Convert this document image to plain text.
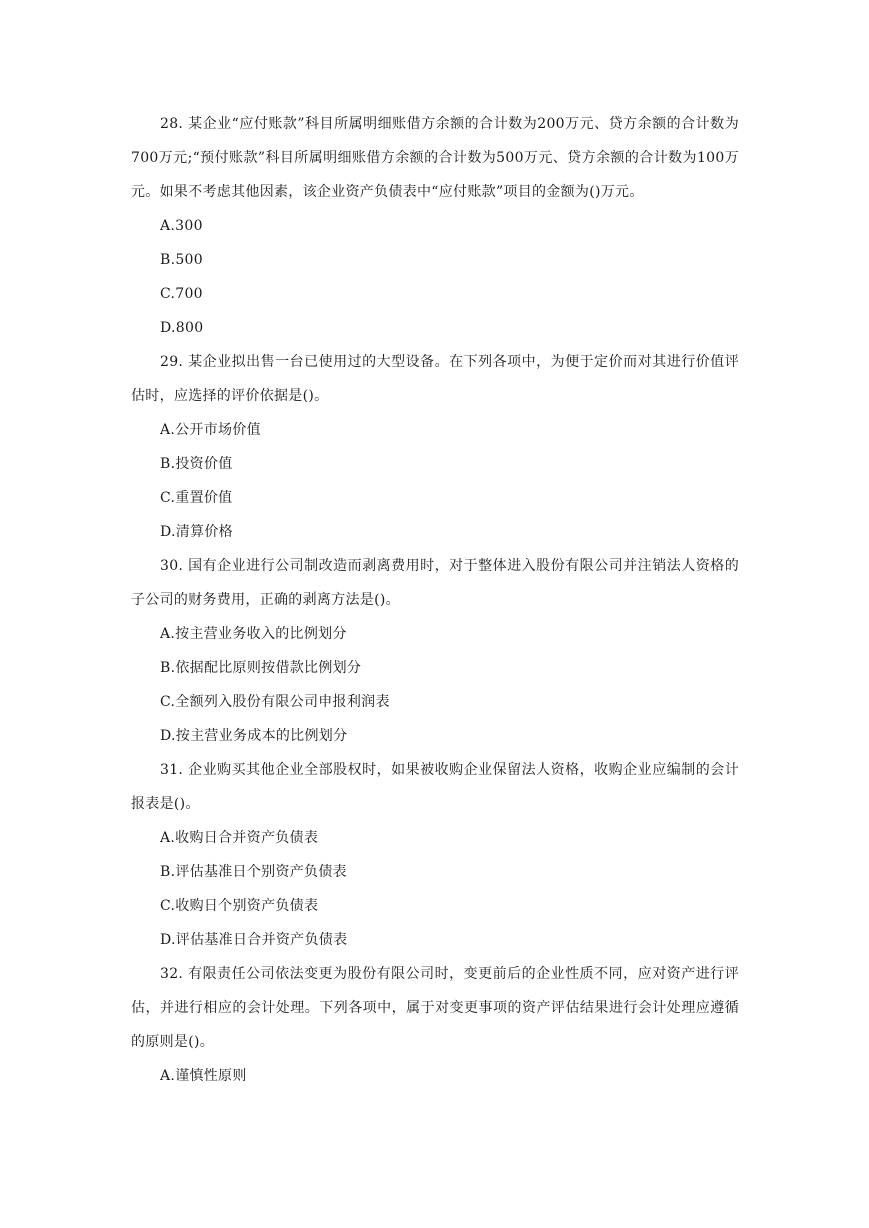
28. 某企业“应付账款”科目所属明细账借方余额的合计数为200万元、贷方余额的合计数为700万元;“预付账款”科目所属明细账借方余额的合计数为500万元、贷方余额的合计数为100万元。如果不考虑其他因素，该企业资产负债表中“应付账款”项目的金额为()万元。

A.300

B.500

C.700

D.800

29. 某企业拟出售一台已使用过的大型设备。在下列各项中，为便于定价而对其进行价值评估时，应选择的评价依据是()。

A.公开市场价值

B.投资价值

C.重置价值

D.清算价格

30. 国有企业进行公司制改造而剥离费用时，对于整体进入股份有限公司并注销法人资格的子公司的财务费用，正确的剥离方法是()。

A.按主营业务收入的比例划分

B.依据配比原则按借款比例划分

C.全额列入股份有限公司申报利润表

D.按主营业务成本的比例划分

31. 企业购买其他企业全部股权时，如果被收购企业保留法人资格，收购企业应编制的会计报表是()。

A.收购日合并资产负债表

B.评估基准日个别资产负债表

C.收购日个别资产负债表

D.评估基准日合并资产负债表

32. 有限责任公司依法变更为股份有限公司时，变更前后的企业性质不同，应对资产进行评估，并进行相应的会计处理。下列各项中，属于对变更事项的资产评估结果进行会计处理应遵循的原则是()。

A.谨慎性原则
